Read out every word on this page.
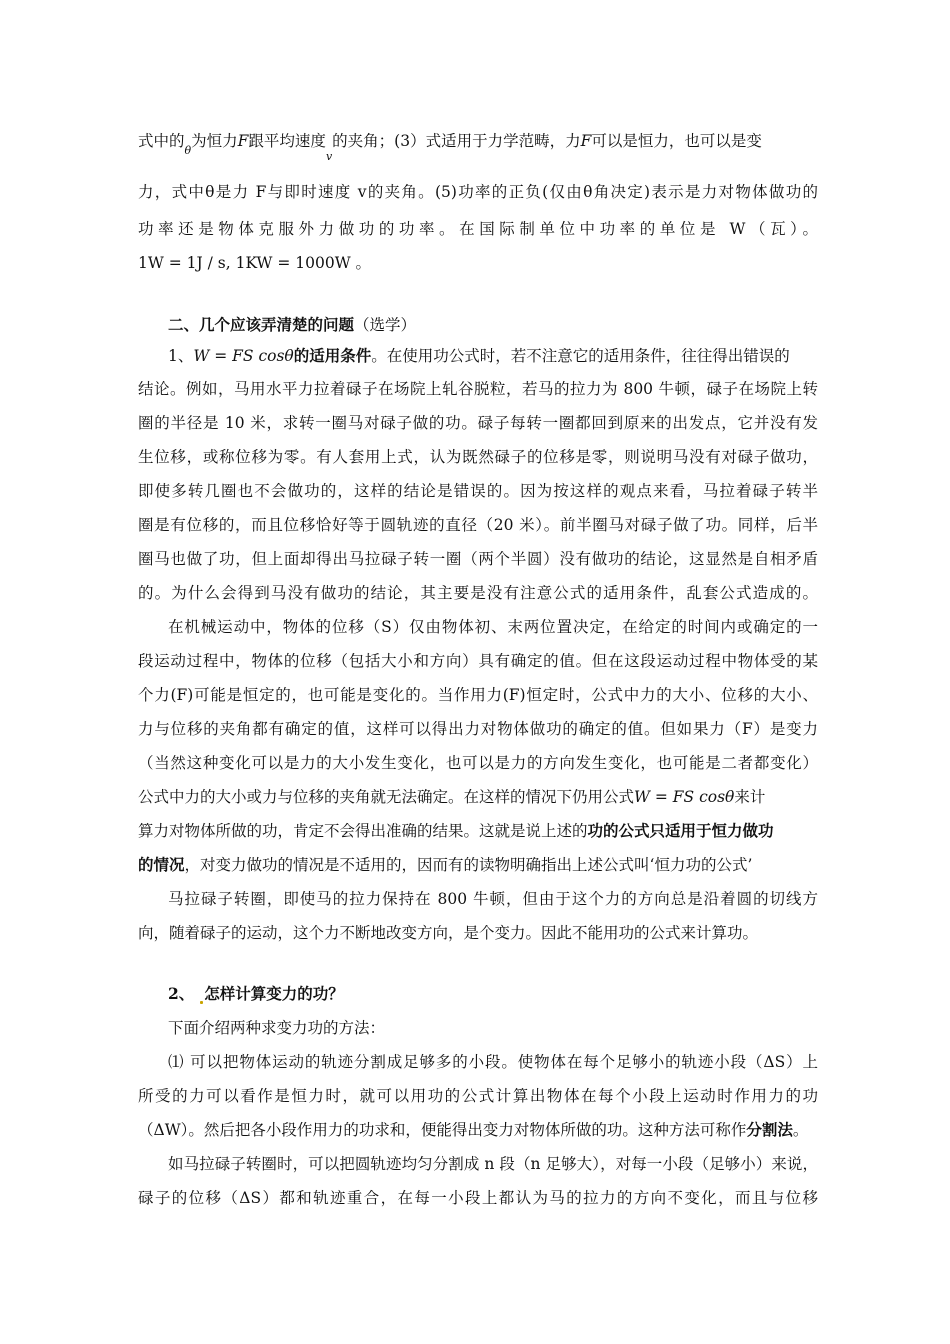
式中的$_\theta$为恒力F跟平均速度$_v$的夹角；(3）式适用于力学范畴，力F可以是恒力，也可以是变
力，式中θ是力 F与即时速度 v的夹角。(5)功率的正负(仅由θ角决定)表示是力对物体做功的
功率还是物体克服外力做功的功率。在国际制单位中功率的单位是 W（瓦）。
1W = 1J / s, 1KW = 1000W 。
二、几个应该弄清楚的问题（选学）
1、W = FS cosθ的适用条件。在使用功公式时，若不注意它的适用条件，往往得出错误的
结论。例如，马用水平力拉着碌子在场院上轧谷脱粒，若马的拉力为 800 牛顿，碌子在场院上转
圈的半径是 10 米，求转一圈马对碌子做的功。碌子每转一圈都回到原来的出发点，它并没有发
生位移，或称位移为零。有人套用上式，认为既然碌子的位移是零，则说明马没有对碌子做功，
即使多转几圈也不会做功的，这样的结论是错误的。因为按这样的观点来看，马拉着碌子转半
圈是有位移的，而且位移恰好等于圆轨迹的直径（20 米）。前半圈马对碌子做了功。同样，后半
圈马也做了功，但上面却得出马拉碌子转一圈（两个半圆）没有做功的结论，这显然是自相矛盾
的。为什么会得到马没有做功的结论，其主要是没有注意公式的适用条件，乱套公式造成的。
在机械运动中，物体的位移（S）仅由物体初、末两位置决定，在给定的时间内或确定的一
段运动过程中，物体的位移（包括大小和方向）具有确定的值。但在这段运动过程中物体受的某
个力(F)可能是恒定的，也可能是变化的。当作用力(F)恒定时，公式中力的大小、位移的大小、
力与位移的夹角都有确定的值，这样可以得出力对物体做功的确定的值。但如果力（F）是变力
（当然这种变化可以是力的大小发生变化，也可以是力的方向发生变化，也可能是二者都变化）
公式中力的大小或力与位移的夹角就无法确定。在这样的情况下仍用公式W = FS cosθ来计
算力对物体所做的功，肯定不会得出准确的结果。这就是说上述的功的公式只适用于恒力做功
的情况，对变力做功的情况是不适用的，因而有的读物明确指出上述公式叫‘恒力功的公式’
马拉碌子转圈，即使马的拉力保持在 800 牛顿，但由于这个力的方向总是沿着圆的切线方
向，随着碌子的运动，这个力不断地改变方向，是个变力。因此不能用功的公式来计算功。
2、 怎样计算变力的功？
下面介绍两种求变力功的方法：
⑴ 可以把物体运动的轨迹分割成足够多的小段。使物体在每个足够小的轨迹小段（ΔS）上
所受的力可以看作是恒力时，就可以用功的公式计算出物体在每个小段上运动时作用力的功
（ΔW）。然后把各小段作用力的功求和，便能得出变力对物体所做的功。这种方法可称作分割法。
如马拉碌子转圈时，可以把圆轨迹均匀分割成 n 段（n 足够大），对每一小段（足够小）来说，
碌子的位移（ΔS）都和轨迹重合，在每一小段上都认为马的拉力的方向不变化，而且与位移
